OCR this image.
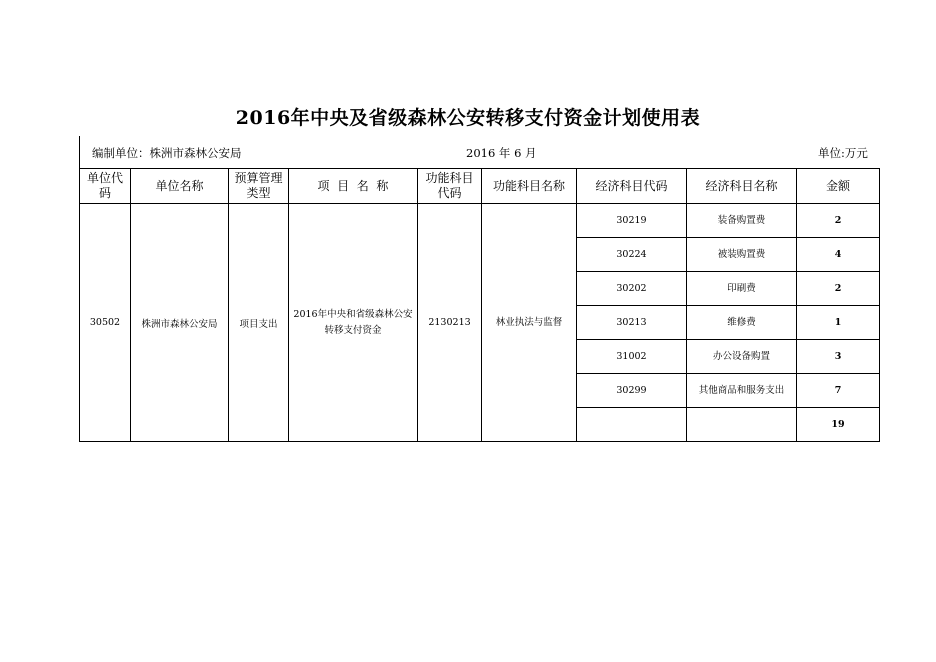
2016年中央及省级森林公安转移支付资金计划使用表
编制单位：株洲市森林公安局	2016 年 6 月	单位:万元
单位代码	单位名称	预算管理类型	项  目  名  称	功能科目代码	功能科目名称	经济科目代码	经济科目名称	金额
30502	株洲市森林公安局	项目支出	2016年中央和省级森林公安转移支付资金	2130213	林业执法与监督	30219	装备购置费	2
						30224	被装购置费	4
						30202	印刷费	2
						30213	维修费	1
						31002	办公设备购置	3
						30299	其他商品和服务支出	7
								19
